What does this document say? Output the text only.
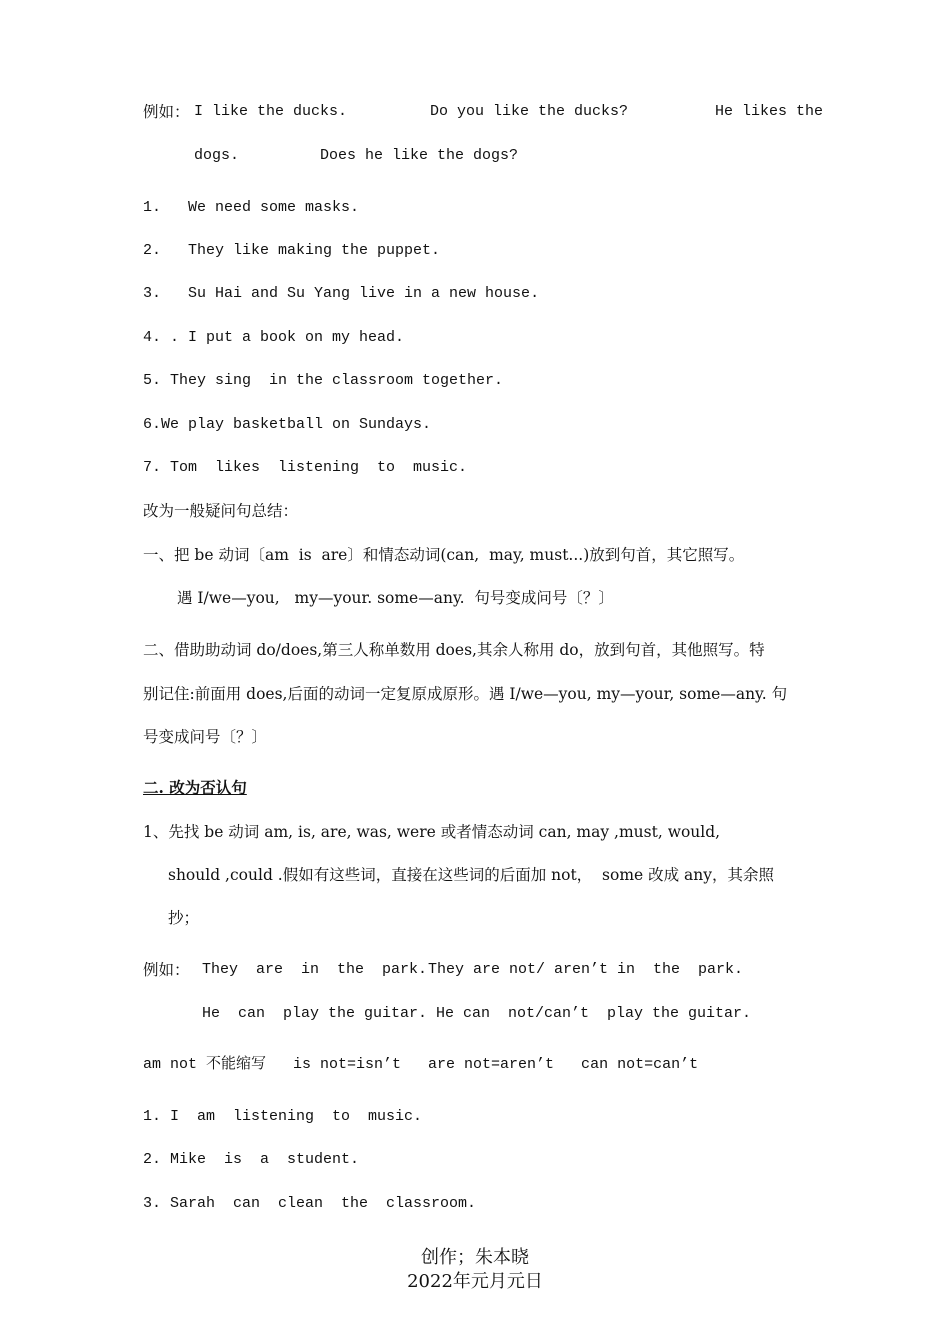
例如： I like the ducks.	Do you like the ducks?	He likes the
dogs.	Does he like the dogs?
1.   We need some masks.
2.   They like making the puppet.
3.   Su Hai and Su Yang live in a new house.
4. . I put a book on my head.
5. They sing  in the classroom together.
6.We play basketball on Sundays.
7. Tom  likes  listening  to  music.
改为一般疑问句总结：
一、把 be 动词〔am  is  are〕和情态动词(can,  may, must...)放到句首，其它照写。
遇 I/we—you,   my—your. some—any.  句号变成问号〔？〕
二、借助助动词 do/does,第三人称单数用 does,其余人称用 do，放到句首，其他照写。特
别记住:前面用 does,后面的动词一定复原成原形。遇 I/we—you, my—your, some—any. 句
号变成问号〔？〕
二. 改为否认句
1、先找 be 动词 am, is, are, was, were 或者情态动词 can, may ,must, would,
should ,could .假如有这些词，直接在这些词的后面加 not，  some 改成 any，其余照
抄；
例如： They  are  in  the  park. They are not/ aren’t in  the  park.
He  can  play the guitar. He can  not/can’t  play the guitar.
am not 不能缩写   is not=isn’t   are not=aren’t   can not=can’t
1. I  am  listening  to  music.
2. Mike  is  a  student.
3. Sarah  can  clean  the  classroom.
创作；朱本晓
2022年元月元日
